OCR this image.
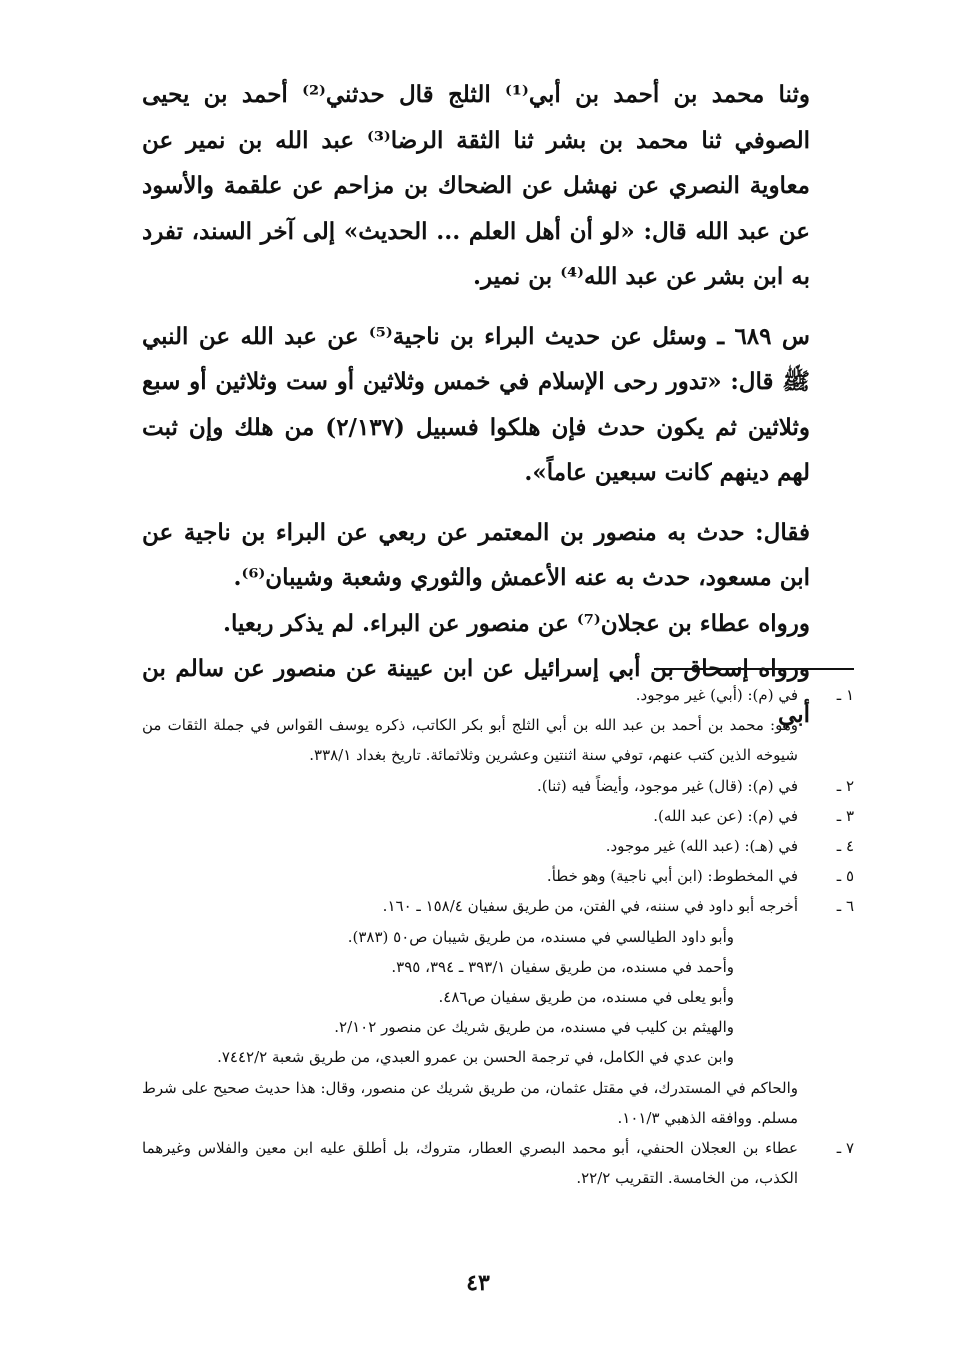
وثنا محمد بن أحمد بن أبي⁽¹⁾ الثلج قال حدثني⁽²⁾ أحمد بن يحيى الصوفي ثنا محمد بن بشر ثنا الثقة الرضا⁽³⁾ عبد الله بن نمير عن معاوية النصري عن نهشل عن الضحاك بن مزاحم عن علقمة والأسود عن عبد الله قال: «لو أن أهل العلم ... الحديث» إلى آخر السند، تفرد به ابن بشر عن عبد الله⁽⁴⁾ بن نمير.

س ٦٨٩ ـ وسئل عن حديث البراء بن ناجية⁽⁵⁾ عن عبد الله عن النبي ﷺ قال: «تدور رحى الإسلام في خمس وثلاثين أو ست وثلاثين أو سبع وثلاثين ثم يكون حدث فإن هلكوا فسبيل (٢/١٣٧) من هلك وإن ثبت لهم دينهم كانت سبعين عاماً».

فقال: حدث به منصور بن المعتمر عن ربعي عن البراء بن ناجية عن ابن مسعود، حدث به عنه الأعمش والثوري وشعبة وشيبان⁽⁶⁾.

ورواه عطاء بن عجلان⁽⁷⁾ عن منصور عن البراء. لم يذكر ربعيا.

ورواه إسحاق بن أبي إسرائيل عن ابن عيينة عن منصور عن سالم بن أبي

١ ـ
في (م): (أبي) غير موجود.
وهو: محمد بن أحمد بن عبد الله بن أبي الثلج أبو بكر الكاتب، ذكره يوسف القواس في جملة الثقات من شيوخه الذين كتب عنهم، توفي سنة اثنتين وعشرين وثلاثمائة. تاريخ بغداد ٣٣٨/١.
٢ ـ
في (م): (قال) غير موجود، وأيضاً فيه (ثنا).
٣ ـ
في (م): (عن عبد الله).
٤ ـ
في (هـ): (عبد الله) غير موجود.
٥ ـ
في المخطوط: (ابن أبي ناجية) وهو خطأ.
٦ ـ
أخرجه أبو داود في سننه، في الفتن، من طريق سفيان ١٥٨/٤ ـ ١٦٠.
وأبو داود الطيالسي في مسنده، من طريق شيبان ص٥٠ (٣٨٣).
وأحمد في مسنده، من طريق سفيان ٣٩٣/١ ـ ٣٩٤، ٣٩٥.
وأبو يعلى في مسنده، من طريق سفيان ص٤٨٦.
والهيثم بن كليب في مسنده، من طريق شريك عن منصور ٢/١٠٢.
وابن عدي في الكامل، في ترجمة الحسن بن عمرو العبدي، من طريق شعبة ٧٤٤٢/٢.
والحاكم في المستدرك، في مقتل عثمان، من طريق شريك عن منصور، وقال: هذا حديث صحيح على شرط مسلم. ووافقه الذهبي ١٠١/٣.
٧ ـ
عطاء بن العجلان الحنفي، أبو محمد البصري العطار، متروك، بل أطلق عليه ابن معين والفلاس وغيرهما الكذب، من الخامسة. التقريب ٢٢/٢.
٤٣
